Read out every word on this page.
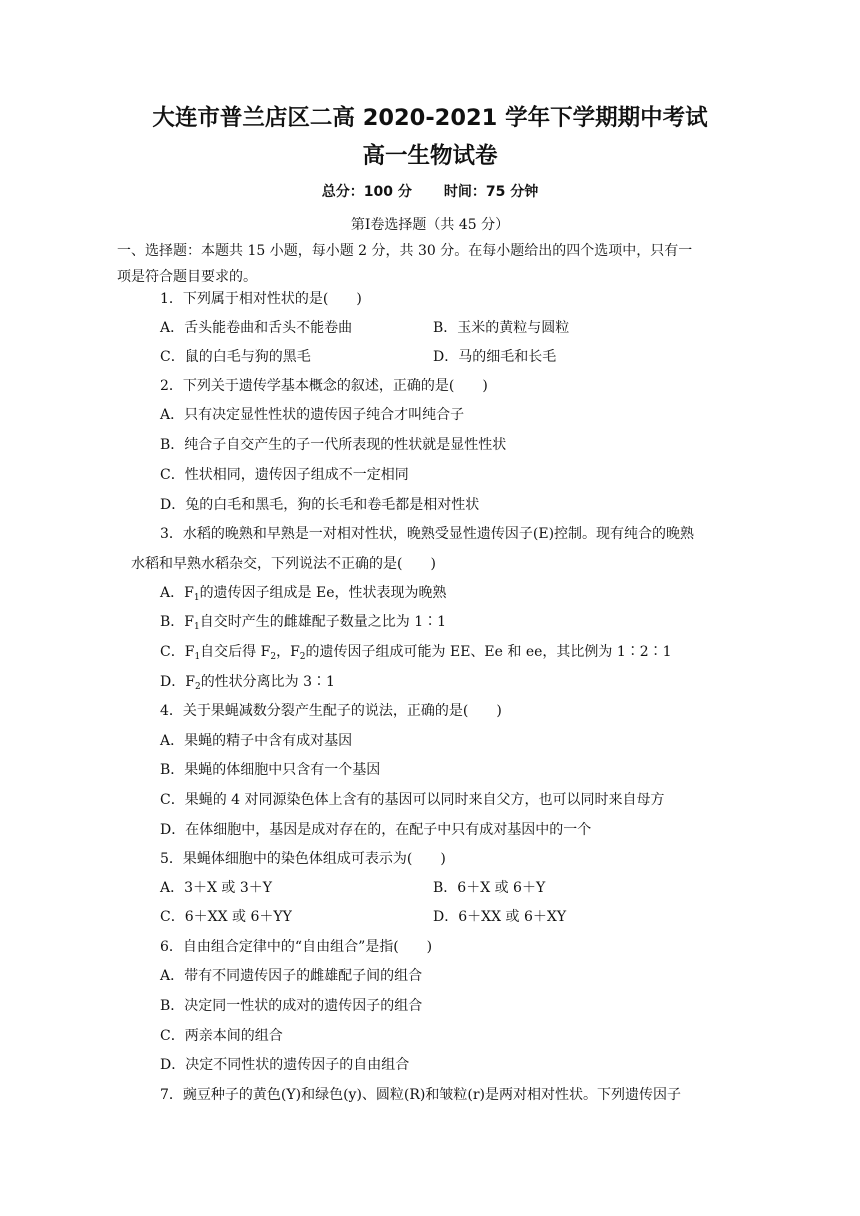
大连市普兰店区二高 2020-2021 学年下学期期中考试
高一生物试卷
总分：100 分 时间：75 分钟
第Ⅰ卷选择题（共 45 分）
一、选择题：本题共 15 小题，每小题 2 分，共 30 分。在每小题给出的四个选项中，只有一
项是符合题目要求的。
1．下列属于相对性状的是(　　)
A．舌头能卷曲和舌头不能卷曲	B．玉米的黄粒与圆粒
C．鼠的白毛与狗的黑毛	D．马的细毛和长毛
2．下列关于遗传学基本概念的叙述，正确的是(　　)
A．只有决定显性性状的遗传因子纯合才叫纯合子
B．纯合子自交产生的子一代所表现的性状就是显性性状
C．性状相同，遗传因子组成不一定相同
D．兔的白毛和黑毛，狗的长毛和卷毛都是相对性状
3．水稻的晚熟和早熟是一对相对性状，晚熟受显性遗传因子(E)控制。现有纯合的晚熟
水稻和早熟水稻杂交，下列说法不正确的是(　　)
A．$F_1$的遗传因子组成是 Ee，性状表现为晚熟
B．$F_1$自交时产生的雌雄配子数量之比为 1∶1
C．$F_1$自交后得 $F_2$，$F_2$的遗传因子组成可能为 EE、Ee 和 ee，其比例为 1∶2∶1
D．$F_2$的性状分离比为 3∶1
4．关于果蝇减数分裂产生配子的说法，正确的是(　　)
A．果蝇的精子中含有成对基因
B．果蝇的体细胞中只含有一个基因
C．果蝇的 4 对同源染色体上含有的基因可以同时来自父方，也可以同时来自母方
D．在体细胞中，基因是成对存在的，在配子中只有成对基因中的一个
5．果蝇体细胞中的染色体组成可表示为(　　)
A．3＋X 或 3＋Y	B．6＋X 或 6＋Y
C．6＋XX 或 6＋YY	D．6＋XX 或 6＋XY
6．自由组合定律中的“自由组合”是指(　　)
A．带有不同遗传因子的雌雄配子间的组合
B．决定同一性状的成对的遗传因子的组合
C．两亲本间的组合
D．决定不同性状的遗传因子的自由组合
7．豌豆种子的黄色(Y)和绿色(y)、圆粒(R)和皱粒(r)是两对相对性状。下列遗传因子
